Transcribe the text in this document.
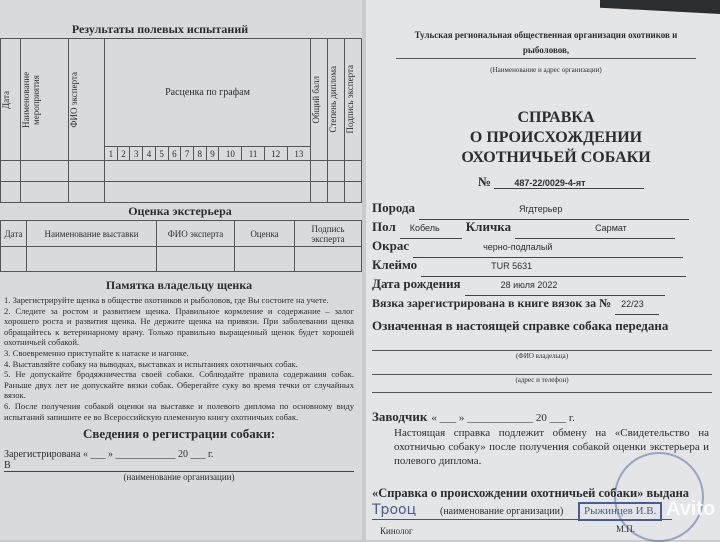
Результаты полевых испытаний
Дата	Наименование мероприятия	ФИО эксперта	Расценка по графам													Общий балл	Степень диплома	Подпись эксперта

			1	2	3	4	5	6	7	8	9	10	11	12	13			

Оценка экстерьера
Дата	Наименование выставки	ФИО эксперта	Оценка	Подпись эксперта

Памятка владельцу щенка

1. Зарегистрируйте щенка в обществе охотников и рыболовов, где Вы состоите на учете.

2. Следите за ростом и развитием щенка. Правильное кормление и содержание – залог хорошего роста и развития щенка. Не держите щенка на привязи. При заболевании щенка обращайтесь к ветеринарному врачу. Только правильно выращенный щенок будет хорошей охотничьей собакой.

3. Своевременно приступайте к натаске и нагонке.

4. Выставляйте собаку на выводках, выставках и испытаниях охотничьих собак.

5. Не допускайте бродяжничества своей собаки. Соблюдайте правила содержания собак. Раньше двух лет не допускайте вязки собак. Оберегайте суку во время течки от случайных вязок.

6. После получения собакой оценки на выставке и полевого диплома по основному виду испытаний запишите ее во Всероссийскую племенную книгу охотничьих собак.

Сведения о регистрации собаки:

Зарегистрирована « ___ » ____________ 20 ___ г.

В

(наименование организации)

Тульская региональная общественная организация охотников и рыболовов,
(Наименование и адрес организации)
СПРАВКА
О ПРОИСХОЖДЕНИИ
ОХОТНИЧЬЕЙ СОБАКИ
№	487-22/0029-4-ят
Порода	Ягдтерьер
Пол Кобель Кличка	Сармат
Окрас	черно-подпалый
Клеймо	TUR 5631
Дата рождения	28 июля 2022
Вязка зарегистрирована в книге вязок за № 22/23
Означенная в настоящей справке собака передана
(ФИО владельца)
(адрес и телефон)
Заводчик « ___ » ____________ 20 ___ г.
Настоящая справка подлежит обмену на «Свидетельство на охотничью собаку» после получения собакой оценки экстерьера и полевого диплома.
«Справка о происхождении охотничьей собаки» выдана
Трооц (наименование организации)	Рыжинцев И.В.
М.П.
Кинолог
Avito
